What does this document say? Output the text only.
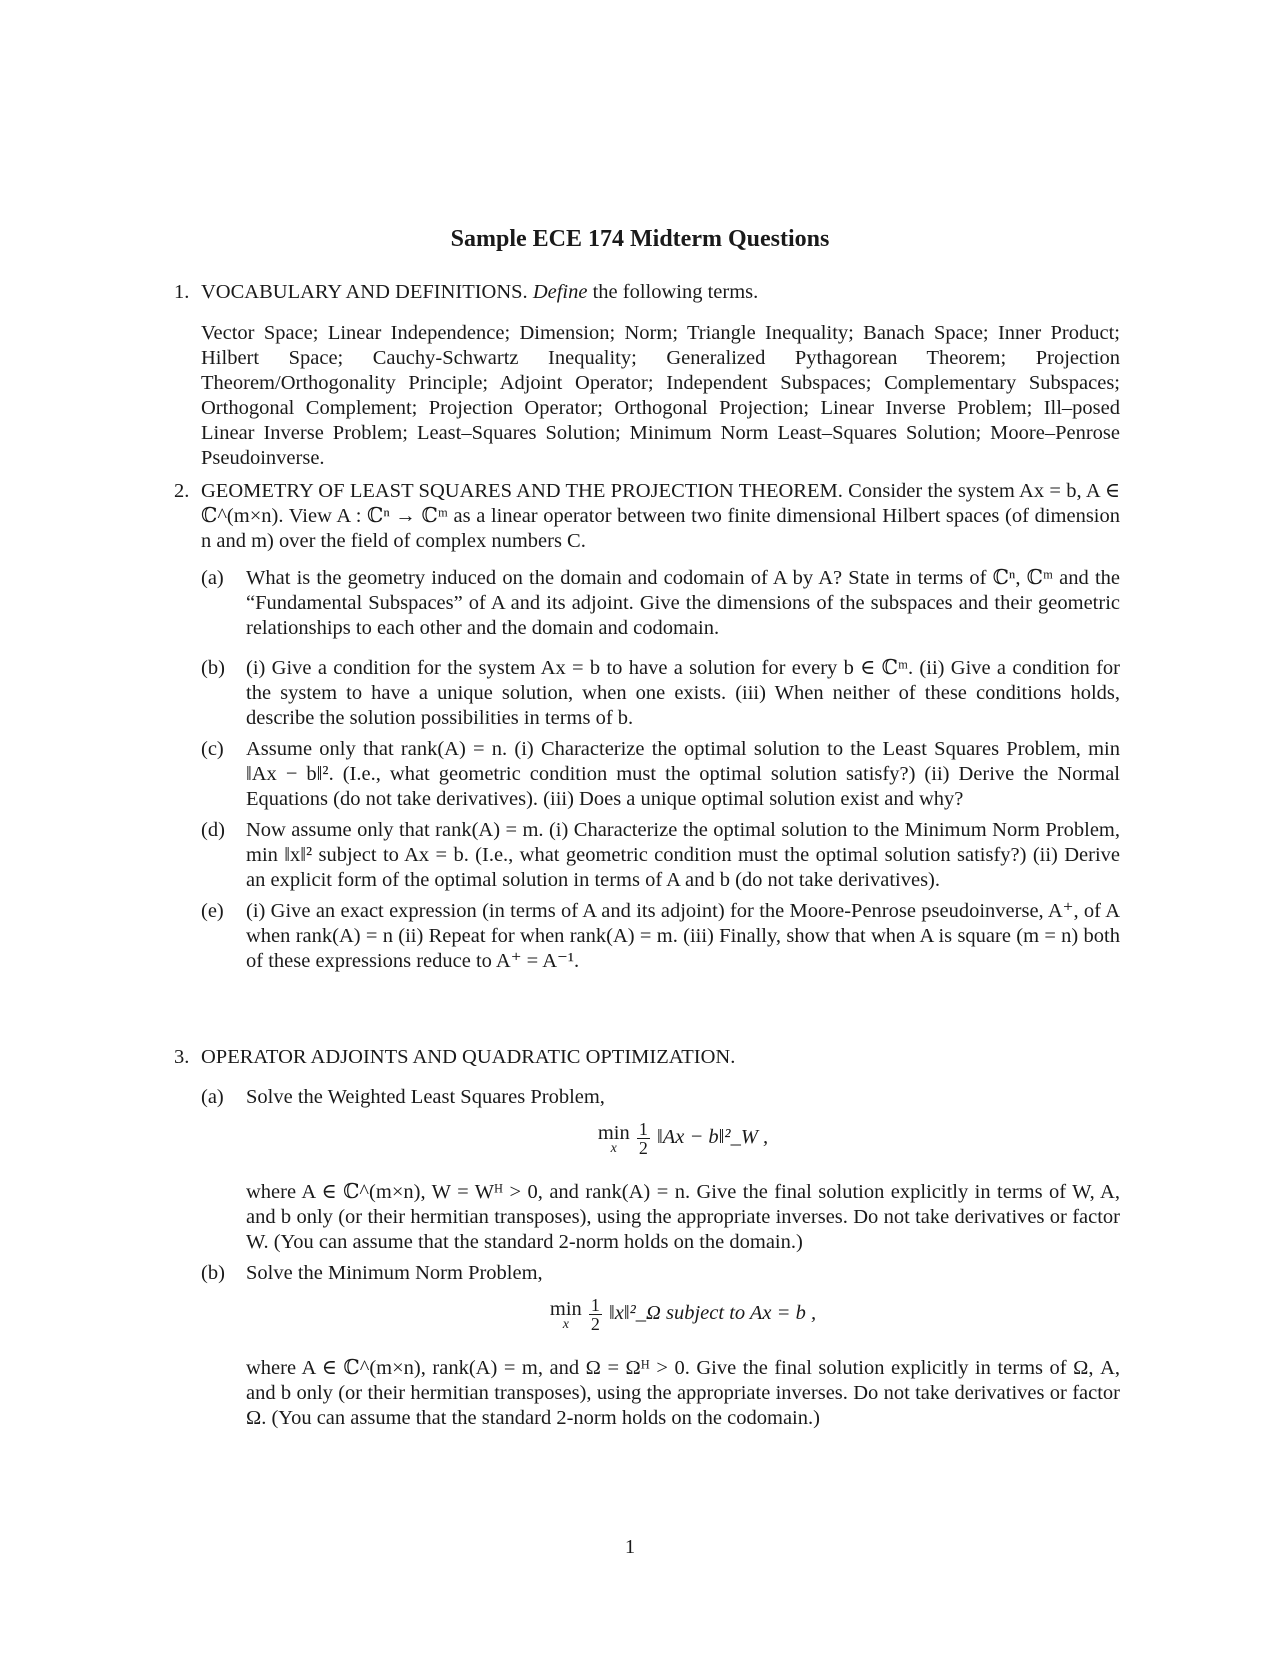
Sample ECE 174 Midterm Questions
1. VOCABULARY AND DEFINITIONS. Define the following terms.
Vector Space; Linear Independence; Dimension; Norm; Triangle Inequality; Banach Space; Inner Product; Hilbert Space; Cauchy-Schwartz Inequality; Generalized Pythagorean Theorem; Projection Theorem/Orthogonality Principle; Adjoint Operator; Independent Subspaces; Complementary Subspaces; Orthogonal Complement; Projection Operator; Orthogonal Projection; Linear Inverse Problem; Ill–posed Linear Inverse Problem; Least–Squares Solution; Minimum Norm Least–Squares Solution; Moore–Penrose Pseudoinverse.
2. GEOMETRY OF LEAST SQUARES AND THE PROJECTION THEOREM. Consider the system Ax = b, A ∈ ℂ^(m×n). View A : ℂⁿ → ℂᵐ as a linear operator between two finite dimensional Hilbert spaces (of dimension n and m) over the field of complex numbers C.
(a)	What is the geometry induced on the domain and codomain of A by A? State in terms of ℂⁿ, ℂᵐ and the “Fundamental Subspaces” of A and its adjoint. Give the dimensions of the subspaces and their geometric relationships to each other and the domain and codomain.
(b)	(i) Give a condition for the system Ax = b to have a solution for every b ∈ ℂᵐ. (ii) Give a condition for the system to have a unique solution, when one exists. (iii) When neither of these conditions holds, describe the solution possibilities in terms of b.
(c)	Assume only that rank(A) = n. (i) Characterize the optimal solution to the Least Squares Problem, min ‖Ax − b‖². (I.e., what geometric condition must the optimal solution satisfy?) (ii) Derive the Normal Equations (do not take derivatives). (iii) Does a unique optimal solution exist and why?
(d)	Now assume only that rank(A) = m. (i) Characterize the optimal solution to the Minimum Norm Problem, min ‖x‖² subject to Ax = b. (I.e., what geometric condition must the optimal solution satisfy?) (ii) Derive an explicit form of the optimal solution in terms of A and b (do not take derivatives).
(e)	(i) Give an exact expression (in terms of A and its adjoint) for the Moore-Penrose pseudoinverse, A⁺, of A when rank(A) = n (ii) Repeat for when rank(A) = m. (iii) Finally, show that when A is square (m = n) both of these expressions reduce to A⁺ = A⁻¹.
3. OPERATOR ADJOINTS AND QUADRATIC OPTIMIZATION.
(a)	Solve the Weighted Least Squares Problem,
min
x
	$\frac{1}{2}$ ‖Ax − b‖²_W ,
where A ∈ ℂ^(m×n), W = Wᴴ > 0, and rank(A) = n. Give the final solution explicitly in terms of W, A, and b only (or their hermitian transposes), using the appropriate inverses. Do not take derivatives or factor W. (You can assume that the standard 2-norm holds on the domain.)
(b)	Solve the Minimum Norm Problem,
min
x
	$\frac{1}{2}$ ‖x‖²_Ω subject to Ax = b ,
where A ∈ ℂ^(m×n), rank(A) = m, and Ω = Ωᴴ > 0. Give the final solution explicitly in terms of Ω, A, and b only (or their hermitian transposes), using the appropriate inverses. Do not take derivatives or factor Ω. (You can assume that the standard 2-norm holds on the codomain.)
1
